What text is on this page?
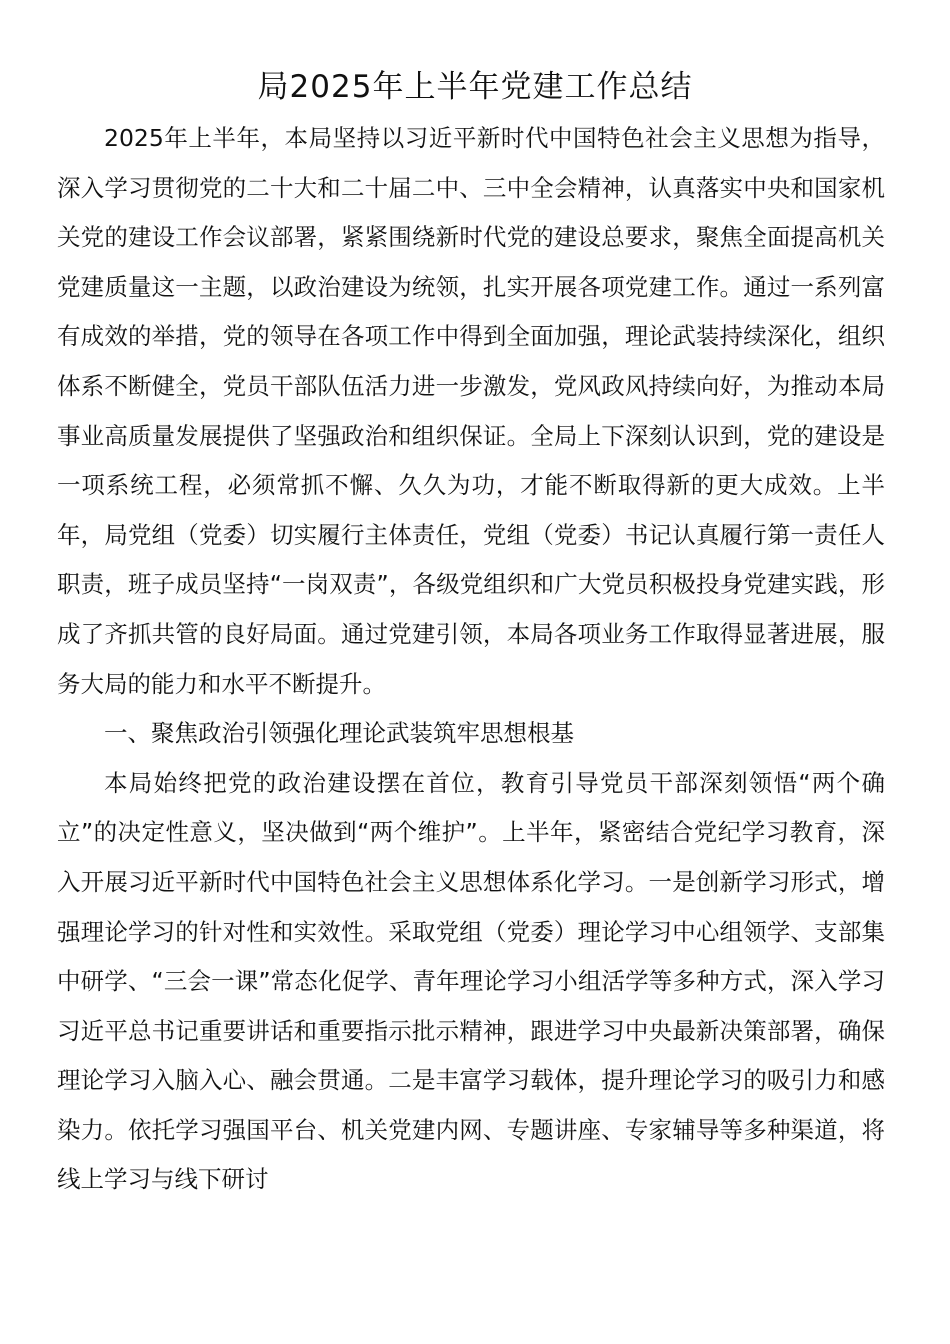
局2025年上半年党建工作总结

2025年上半年，本局坚持以习近平新时代中国特色社会主义思想为指导，深入学习贯彻党的二十大和二十届二中、三中全会精神，认真落实中央和国家机关党的建设工作会议部署，紧紧围绕新时代党的建设总要求，聚焦全面提高机关党建质量这一主题，以政治建设为统领，扎实开展各项党建工作。通过一系列富有成效的举措，党的领导在各项工作中得到全面加强，理论武装持续深化，组织体系不断健全，党员干部队伍活力进一步激发，党风政风持续向好，为推动本局事业高质量发展提供了坚强政治和组织保证。全局上下深刻认识到，党的建设是一项系统工程，必须常抓不懈、久久为功，才能不断取得新的更大成效。上半年，局党组（党委）切实履行主体责任，党组（党委）书记认真履行第一责任人职责，班子成员坚持“一岗双责”，各级党组织和广大党员积极投身党建实践，形成了齐抓共管的良好局面。通过党建引领，本局各项业务工作取得显著进展，服务大局的能力和水平不断提升。

一、聚焦政治引领强化理论武装筑牢思想根基

本局始终把党的政治建设摆在首位，教育引导党员干部深刻领悟“两个确立”的决定性意义，坚决做到“两个维护”。上半年，紧密结合党纪学习教育，深入开展习近平新时代中国特色社会主义思想体系化学习。一是创新学习形式，增强理论学习的针对性和实效性。采取党组（党委）理论学习中心组领学、支部集中研学、“三会一课”常态化促学、青年理论学习小组活学等多种方式，深入学习习近平总书记重要讲话和重要指示批示精神，跟进学习中央最新决策部署，确保理论学习入脑入心、融会贯通。二是丰富学习载体，提升理论学习的吸引力和感染力。依托学习强国平台、机关党建内网、专题讲座、专家辅导等多种渠道，将线上学习与线下研讨
